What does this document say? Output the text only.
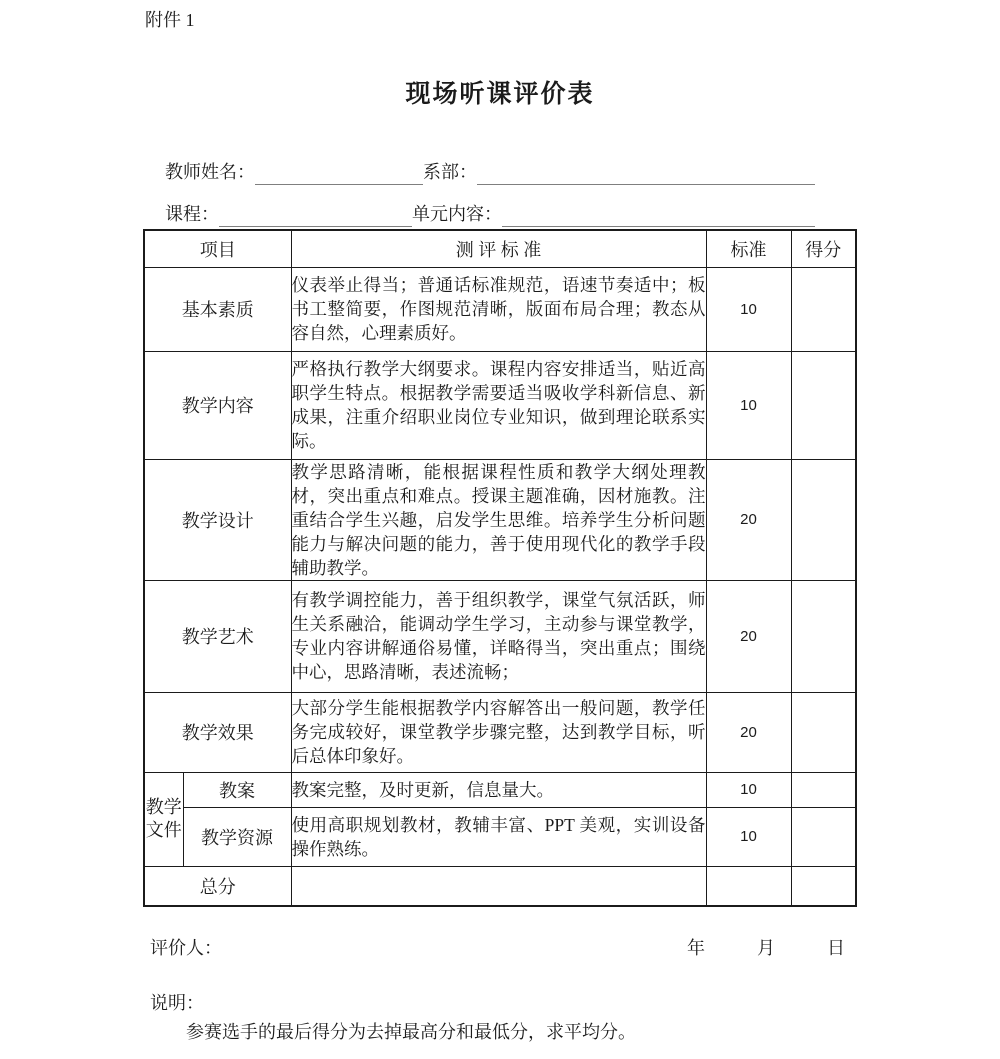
附件 1
现场听课评价表
教师姓名：	系部：
课程：	单元内容：
项目		测 评 标 准	标准	得分
基本素质		仪表举止得当；普通话标准规范，语速节奏适中；板书工整简要，作图规范清晰，版面布局合理；教态从容自然，心理素质好。	10	
教学内容		严格执行教学大纲要求。课程内容安排适当，贴近高职学生特点。根据教学需要适当吸收学科新信息、新成果，注重介绍职业岗位专业知识，做到理论联系实际。	10	
教学设计		教学思路清晰，能根据课程性质和教学大纲处理教材，突出重点和难点。授课主题准确，因材施教。注重结合学生兴趣，启发学生思维。培养学生分析问题能力与解决问题的能力，善于使用现代化的教学手段辅助教学。	20	
教学艺术		有教学调控能力，善于组织教学，课堂气氛活跃，师生关系融洽，能调动学生学习，主动参与课堂教学，专业内容讲解通俗易懂，详略得当，突出重点；围绕中心，思路清晰，表述流畅；	20	
教学效果		大部分学生能根据教学内容解答出一般问题，教学任务完成较好，课堂教学步骤完整，达到教学目标，听后总体印象好。	20	
教学文件	教案	教案完整，及时更新，信息量大。	10	
	教学资源	使用高职规划教材，教辅丰富、PPT 美观，实训设备操作熟练。	10	
总分				
评价人：	年	月	日
说明：
参赛选手的最后得分为去掉最高分和最低分，求平均分。
